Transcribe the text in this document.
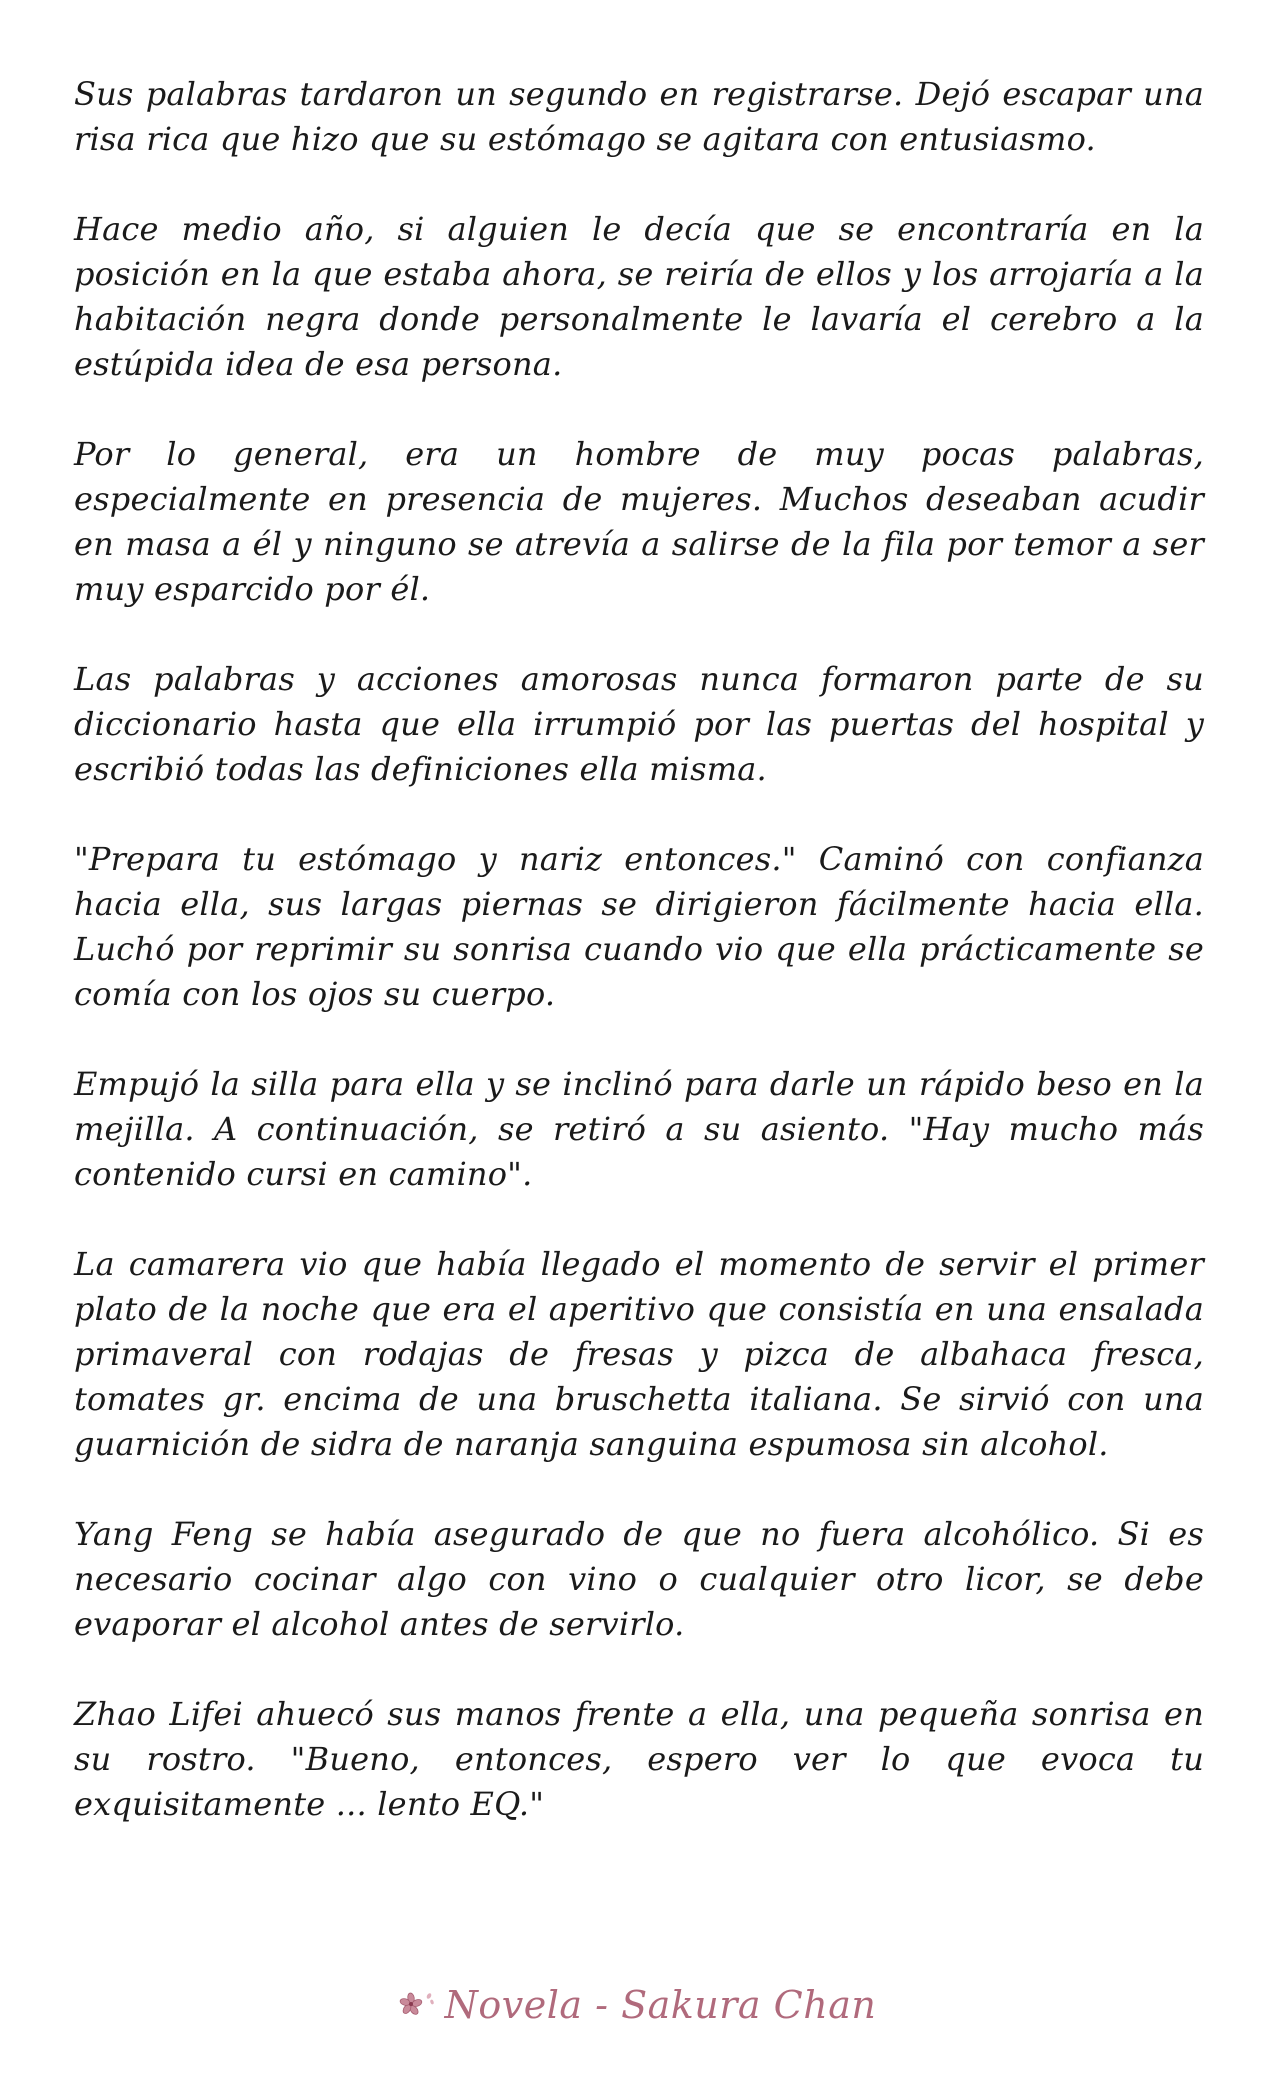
Sus palabras tardaron un segundo en registrarse. Dejó escapar una risa rica que hizo que su estómago se agitara con entusiasmo.

Hace medio año, si alguien le decía que se encontraría en la posición en la que estaba ahora, se reiría de ellos y los arrojaría a la habitación negra donde personalmente le lavaría el cerebro a la estúpida idea de esa persona.

Por lo general, era un hombre de muy pocas palabras, especialmente en presencia de mujeres. Muchos deseaban acudir en masa a él y ninguno se atrevía a salirse de la fila por temor a ser muy esparcido por él.

Las palabras y acciones amorosas nunca formaron parte de su diccionario hasta que ella irrumpió por las puertas del hospital y escribió todas las definiciones ella misma.

"Prepara tu estómago y nariz entonces." Caminó con confianza hacia ella, sus largas piernas se dirigieron fácilmente hacia ella. Luchó por reprimir su sonrisa cuando vio que ella prácticamente se comía con los ojos su cuerpo.

Empujó la silla para ella y se inclinó para darle un rápido beso en la mejilla. A continuación, se retiró a su asiento. "Hay mucho más contenido cursi en camino".

La camarera vio que había llegado el momento de servir el primer plato de la noche que era el aperitivo que consistía en una ensalada primaveral con rodajas de fresas y pizca de albahaca fresca, tomates gr. encima de una bruschetta italiana. Se sirvió con una guarnición de sidra de naranja sanguina espumosa sin alcohol.

Yang Feng se había asegurado de que no fuera alcohólico. Si es necesario cocinar algo con vino o cualquier otro licor, se debe evaporar el alcohol antes de servirlo.

Zhao Lifei ahuecó sus manos frente a ella, una pequeña sonrisa en su rostro. "Bueno, entonces, espero ver lo que evoca tu exquisitamente ... lento EQ."

Novela - Sakura Chan
